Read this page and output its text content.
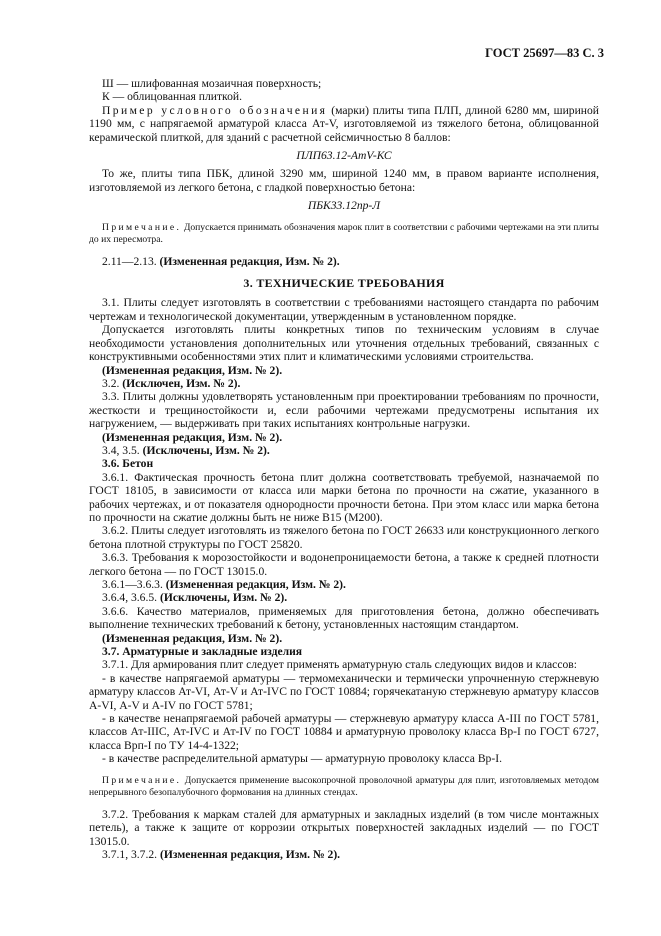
ГОСТ 25697—83 С. 3

Ш — шлифованная мозаичная поверхность;

К — облицованная плиткой.

Пример условного обозначения (марки) плиты типа ПЛП, длиной 6280 мм, шириной 1190 мм, с напрягаемой арматурой класса Ат-V, изготовляемой из тяжелого бетона, облицованной керамической плиткой, для зданий с расчетной сейсмичностью 8 баллов:

ПЛП63.12-АтV-КС

То же, плиты типа ПБК, длиной 3290 мм, шириной 1240 мм, в правом варианте исполнения, изготовляемой из легкого бетона, с гладкой поверхностью бетона:

ПБК33.12пр-Л

Примечание. Допускается принимать обозначения марок плит в соответствии с рабочими чертежами на эти плиты до их пересмотра.

2.11—2.13. (Измененная редакция, Изм. № 2).

3. ТЕХНИЧЕСКИЕ ТРЕБОВАНИЯ

3.1. Плиты следует изготовлять в соответствии с требованиями настоящего стандарта по рабочим чертежам и технологической документации, утвержденным в установленном порядке.

Допускается изготовлять плиты конкретных типов по техническим условиям в случае необходимости установления дополнительных или уточнения отдельных требований, связанных с конструктивными особенностями этих плит и климатическими условиями строительства.

(Измененная редакция, Изм. № 2).

3.2. (Исключен, Изм. № 2).

3.3. Плиты должны удовлетворять установленным при проектировании требованиям по прочности, жесткости и трещиностойкости и, если рабочими чертежами предусмотрены испытания их нагружением, — выдерживать при таких испытаниях контрольные нагрузки.

(Измененная редакция, Изм. № 2).

3.4, 3.5. (Исключены, Изм. № 2).

3.6. Бетон

3.6.1. Фактическая прочность бетона плит должна соответствовать требуемой, назначаемой по ГОСТ 18105, в зависимости от класса или марки бетона по прочности на сжатие, указанного в рабочих чертежах, и от показателя однородности прочности бетона. При этом класс или марка бетона по прочности на сжатие должны быть не ниже В15 (М200).

3.6.2. Плиты следует изготовлять из тяжелого бетона по ГОСТ 26633 или конструкционного легкого бетона плотной структуры по ГОСТ 25820.

3.6.3. Требования к морозостойкости и водонепроницаемости бетона, а также к средней плотности легкого бетона — по ГОСТ 13015.0.

3.6.1—3.6.3. (Измененная редакция, Изм. № 2).

3.6.4, 3.6.5. (Исключены, Изм. № 2).

3.6.6. Качество материалов, применяемых для приготовления бетона, должно обеспечивать выполнение технических требований к бетону, установленных настоящим стандартом.

(Измененная редакция, Изм. № 2).

3.7. Арматурные и закладные изделия

3.7.1. Для армирования плит следует применять арматурную сталь следующих видов и классов:

- в качестве напрягаемой арматуры — термомеханически и термически упрочненную стержневую арматуру классов Ат-VI, Ат-V и Ат-IVC по ГОСТ 10884; горячекатаную стержневую арматуру классов А-VI, А-V и А-IV по ГОСТ 5781;

- в качестве ненапрягаемой рабочей арматуры — стержневую арматуру класса А-III по ГОСТ 5781, классов Ат-IIIC, Ат-IVC и Ат-IV по ГОСТ 10884 и арматурную проволоку класса Вр-I по ГОСТ 6727, класса Врп-I по ТУ 14-4-1322;

- в качестве распределительной арматуры — арматурную проволоку класса Вр-I.

Примечание. Допускается применение высокопрочной проволочной арматуры для плит, изготовляемых методом непрерывного безопалубочного формования на длинных стендах.

3.7.2. Требования к маркам сталей для арматурных и закладных изделий (в том числе монтажных петель), а также к защите от коррозии открытых поверхностей закладных изделий — по ГОСТ 13015.0.

3.7.1, 3.7.2. (Измененная редакция, Изм. № 2).
